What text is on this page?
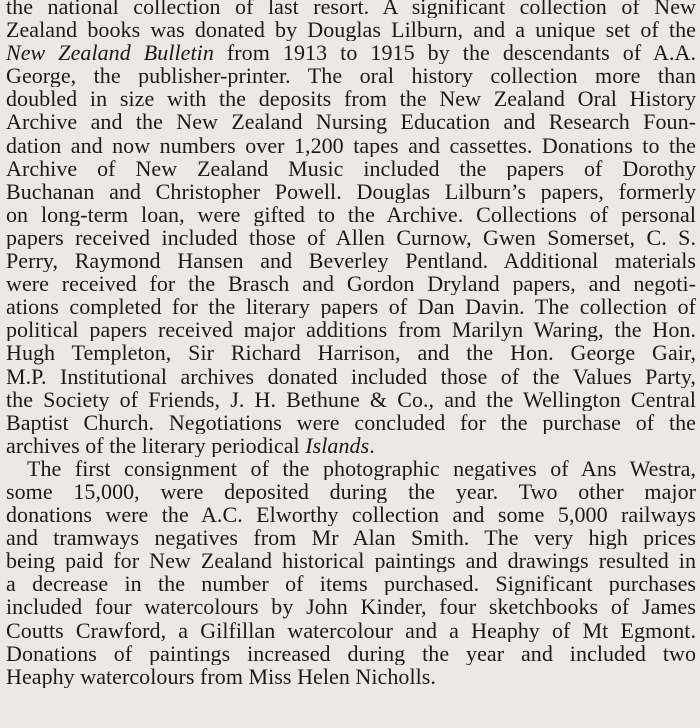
the national collection of last resort. A significant collection of New
Zealand books was donated by Douglas Lilburn, and a unique set of the
New Zealand Bulletin from 1913 to 1915 by the descendants of A.A.
George, the publisher-printer. The oral history collection more than
doubled in size with the deposits from the New Zealand Oral History
Archive and the New Zealand Nursing Education and Research Foun-
dation and now numbers over 1,200 tapes and cassettes. Donations to the
Archive of New Zealand Music included the papers of Dorothy
Buchanan and Christopher Powell. Douglas Lilburn’s papers, formerly
on long-term loan, were gifted to the Archive. Collections of personal
papers received included those of Allen Curnow, Gwen Somerset, C. S.
Perry, Raymond Hansen and Beverley Pentland. Additional materials
were received for the Brasch and Gordon Dryland papers, and negoti-
ations completed for the literary papers of Dan Davin. The collection of
political papers received major additions from Marilyn Waring, the Hon.
Hugh Templeton, Sir Richard Harrison, and the Hon. George Gair,
M.P. Institutional archives donated included those of the Values Party,
the Society of Friends, J. H. Bethune & Co., and the Wellington Central
Baptist Church. Negotiations were concluded for the purchase of the
archives of the literary periodical Islands.
The first consignment of the photographic negatives of Ans Westra,
some 15,000, were deposited during the year. Two other major
donations were the A.C. Elworthy collection and some 5,000 railways
and tramways negatives from Mr Alan Smith. The very high prices
being paid for New Zealand historical paintings and drawings resulted in
a decrease in the number of items purchased. Significant purchases
included four watercolours by John Kinder, four sketchbooks of James
Coutts Crawford, a Gilfillan watercolour and a Heaphy of Mt Egmont.
Donations of paintings increased during the year and included two
Heaphy watercolours from Miss Helen Nicholls.
